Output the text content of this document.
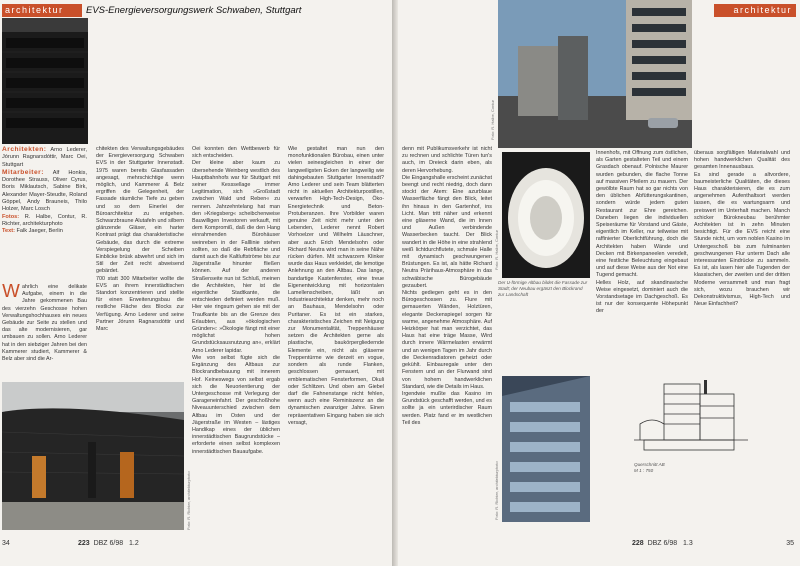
architektur	EVS-Energieversorgungswerk Schwaben, Stuttgart
Architekten: Arno Lederer, Jórunn Ragnarsdóttir, Marc Oei, Stuttgart
Mitarbeiter: Alf Honkis, Dorothee Strauss, Oliver Cyrus, Boris Miklautsch, Sabine Birk, Alexander Mayer-Steudte, Roland Göppel, Andy Brauneis, Thilo Holzer, Marc Losch
Fotos: R. Halbe, Contur, R. Richter, architekturphoto
Text: Falk Jaeger, Berlin
Wahrlich eine delikate Aufgabe, einem in die Jahre gekommenen Bau des vierzehn Geschosse hohen Verwaltungshochhauses ein neues Gebäude zur Seite zu stellen und das alte modernisieren, gar umbauen zu sollen. Arno Lederer hat in den siebziger Jahren bei den Kammerer studiert, Kammerer & Belz aber sind die Ar-
chitekten des Verwaltungsgebäudes der Energieversorgung Schwaben EVS in der Stuttgarter Innenstadt. 1975 waren bereits Glasfassaden angesagt, mehrschichtige wenn möglich, und Kammerer & Belz ergriffen die Gelegenheit, der Fassade räumliche Tiefe zu geben und so dem Einerlei der Büroarchitektur zu entgehen. Schwarzbraune Alutafeln und silbern glänzende Gläser, ein harter Kontrast prägt das charakteristische Gebäude, das durch die extreme Verspiegelung der Scheiben Einblicke brüsk abwehrt und sich im Stil der Zeit recht abweisend gebärdet.
700 statt 300 Mitarbeiter wollte die EVS an ihrem innerstädtischen Standort konzentrieren und stellte für einen Erweiterungsbau die restliche Fläche des Blocks zur Verfügung. Arno Lederer und seine Partner Jórunn Ragnarsdóttir und Marc
Oei konnten den Wettbewerb für sich entscheiden.
Der kleine aber kaum zu übersehende Weinberg westlich des Hauptbahnhofs war für Stuttgart mit seiner Kesssellage immer Legitimation, sich »Großstadt zwischen Wald und Reben« zu nennen. Jahrzehntelang hat man den »Kriegsberg« scheibchenweise Bauwilligen Investoren verkauft, mit dem Kompromiß, daß die den Hang einrahmenden Bürohäuser weinreben in der Falllinie stehen sollten, so daß die Rebfläche und damit auch die Kaltluftströme bis zur Jägerstraße hinunter fließen können. Auf der anderen Straßenseite nun ist Schluß, meinen die Architekten, hier ist die eigentliche Stadtkante, die entschieden definiert werden muß. Hier wie ringsum gehen sie mit der Traufkante bis an die Grenze des Erlaubten, aus »ökologischen Gründen«: »Ökologie fängt mit einer möglichst hohen Grundstücksausnutzung an«, erklärt Arno Lederer lapidar.
Wie von selbst fügte sich die Ergänzung des Altbaus zur Blockrandbebauung mit innerem Hof. Keineswegs von selbst ergab sich die Neuorientierung der Untergeschosse mit Verlegung der Garageneinfahrt. Der geschoßhohe Niveauunterschied zwischen dem Altbau im Osten und der Jägerstraße im Westen – lästiges Handikap eines der üblichen innerstädtischen Baugrundstücke – erforderte einen selbst komplexen innerstädtischen Bauaufgabe.
Wie gestaltet man nun den monofunktionalen Bürobau, einen unter vielen seinesgleichen in einer der langweiligsten Ecken der langweilig wie dahingebauten Stuttgarter Innenstadt? Arno Lederer und sein Team blätterten nicht in aktuellen Architekturpostillen, verwarfen High-Tech-Design, Öko-Energietechnik und Beton-Protuberanzen. Ihre Vorbilder waren genuine Zeit nicht mehr unter den Lebenden, Lederer nennt Robert Vorhoelzer und Wilhelm Läuschner, aber auch Erich Mendelsohn oder Richard Neutra wird man in seine Nähe rücken dürfen. Mit schwarzem Klinker wurde das Haus verkleidet, die lemotige Anlehnung an den Altbau. Das lange, bandartige Kastenfenster, eine treue Eigenentwicklung mit horizontalen Lamellenscheiben, läßt an Industriearchitektur denken, mehr noch an Bauhaus, Mendelsohn oder Puritaner. Es ist ein starkes, charakteristisches Zeichen mit Neigung zur Monumentalität, Treppenhäuser setzen die Architekten gerne als plastische, baukörpergliedernde Elemente ein, nicht als gläserne Treppentürme wie derzeit en vogue, sondern als runde Flanken, geschlossen gemauert, mit emblematischen Fensterformen, Okuli oder Schlitzen. Und oben am Giebel darf die Fahnenstange nicht fehlen, wenn auch eine Reminiszenz an die dynamischen zwanziger Jahre. Einen repräsentativen Eingang haben sie sich versagt,
Foto: R. Richter, architekturphoto
34	223 DBZ 6/98 1.2
architektur
Foto: R. Halbe, Contur
Foto: R. Halbe, Contur
Der U-förmige Altbau bildet die Fassade zur Stadt; der Neubau ergänzt den Blockrand zur Landschaft
Foto: R. Richter, architekturphoto	Querschnitt AB
M 1 : 750
denn mit Publikumsverkehr ist nicht zu rechnen und schlichte Türen tun's auch, im Dreieck darin eben, als deren Hervorhebung.
Die Eingangshalle erscheint zunächst beengt und recht niedrig, doch dann stockt der Atem: Eine azurblaue Wasserfläche fängt den Blick, leitet ihn hinaus in den Gartenhof, ins Licht. Man tritt näher und erkennt eine gläserne Wand, die im Innen und Außen verbindende Wasserbecken taucht. Der Blick wandert in die Höhe in eine strahlend weiß lichtdurchflutete, schmale Halle mit dynamisch geschwungenen Brüstungen. Es ist, als hätte Richard Neutra Prärihaus-Atmosphäre in das schwäbische Bürogebäude gezaubert.
Nichts gediegen geht es in den Bürogeschossen zu. Flure mit gemauerten Wänden, Holztüren, elegante Deckenspiegel sorgen für warme, angenehme Atmosphäre. Auf Heizkörper hat man verzichtet, das Haus hat eine träge Masse, Wird durch innere Wärmelasten erwärmt und an wenigen Tagen im Jahr durch die Deckenradiatoren geheizt oder gekühlt. Einbauregale unter den Fenstern und an der Flurwand sind von hohem handwerklichen Standard, wie die Details im Haus.
Irgendwie mußte das Kasino im Grundstück geschafft werden, und es sollte ja ein unterirdischer Raum werden. Platz fand er im westlichen Teil des
Innenhofs, mit Öffnung zum östlichen, als Garten gestalteten Teil und einem Grasdach obenauf. Polnische Maurer wurden gebunden, die flache Tonne auf massiven Pfeilern zu mauern. Der gewölbte Raum hat so gar nichts von den üblichen Abfütterungskantinen, sondern würde jedem guten Restaurant zur Ehre gereichen. Daneben liegen die individuellen Speiseräume für Vorstand und Gäste, eigentlich im Keller, nur teilweise mit raffinierter Oberlichtführung, doch die Architekten haben Wände und Decken mit Birkenpaneelen veredelt, eine festliche Beleuchtung eingebaut und auf diese Weise aus der Not eine Tugend gemacht.
Helles Holz, auf skandinavische Weise eingesetzt, dominiert auch die Vorstandsetage im Dachgeschoß. Es ist nur der konsequente Höhepunkt der
überaus sorgfältigen Materialwahl und hohen handwerklichen Qualität des gesamten Innenausbaus.
Es sind gerade a altvordere, baumeisterliche Qualitäten, die dieses Haus charakterisieren, die es zum angenehmen Aufenthaltsort werden lassen, die es wartungsarm und preiswert im Unterhalt machen. Manch schicker Bürokneubau berühmter Architekten ist in zehn Minuten besichtigt. Für die EVS reicht eine Stunde nicht, um vom noblen Kasino im Untergeschoß bis zum fulminanten geschwungenen Flur unterm Dach alle interessanten Eindrücke zu sammeln. Es ist, als lasen hier alle Tugenden der klassischen, der zweiten und der dritten Moderne versammelt und man fragt sich, wozu brauchen wir Dekonstruktivismus, High-Tech und Neue Einfachheit?
228 DBZ 6/98 1.3	35
